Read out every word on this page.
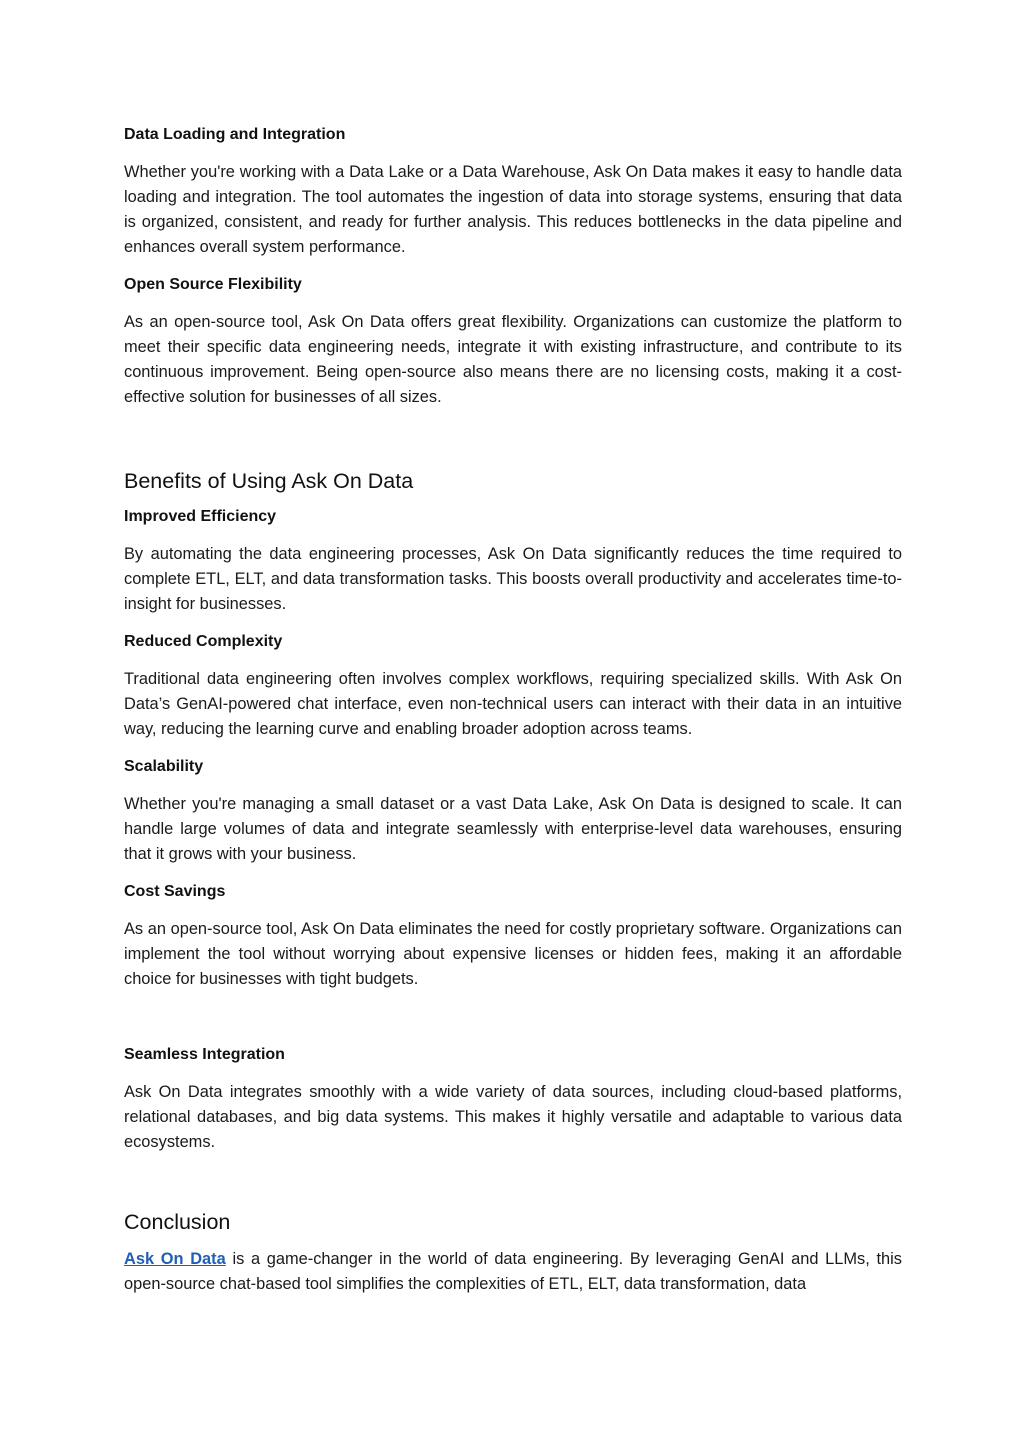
Data Loading and Integration

Whether you're working with a Data Lake or a Data Warehouse, Ask On Data makes it easy to handle data loading and integration. The tool automates the ingestion of data into storage systems, ensuring that data is organized, consistent, and ready for further analysis. This reduces bottlenecks in the data pipeline and enhances overall system performance.

Open Source Flexibility

As an open-source tool, Ask On Data offers great flexibility. Organizations can customize the platform to meet their specific data engineering needs, integrate it with existing infrastructure, and contribute to its continuous improvement. Being open-source also means there are no licensing costs, making it a cost-effective solution for businesses of all sizes.

Benefits of Using Ask On Data
Improved Efficiency

By automating the data engineering processes, Ask On Data significantly reduces the time required to complete ETL, ELT, and data transformation tasks. This boosts overall productivity and accelerates time-to-insight for businesses.

Reduced Complexity

Traditional data engineering often involves complex workflows, requiring specialized skills. With Ask On Data’s GenAI-powered chat interface, even non-technical users can interact with their data in an intuitive way, reducing the learning curve and enabling broader adoption across teams.

Scalability

Whether you're managing a small dataset or a vast Data Lake, Ask On Data is designed to scale. It can handle large volumes of data and integrate seamlessly with enterprise-level data warehouses, ensuring that it grows with your business.

Cost Savings

As an open-source tool, Ask On Data eliminates the need for costly proprietary software. Organizations can implement the tool without worrying about expensive licenses or hidden fees, making it an affordable choice for businesses with tight budgets.

Seamless Integration

Ask On Data integrates smoothly with a wide variety of data sources, including cloud-based platforms, relational databases, and big data systems. This makes it highly versatile and adaptable to various data ecosystems.

Conclusion

Ask On Data is a game-changer in the world of data engineering. By leveraging GenAI and LLMs, this open-source chat-based tool simplifies the complexities of ETL, ELT, data transformation, data
